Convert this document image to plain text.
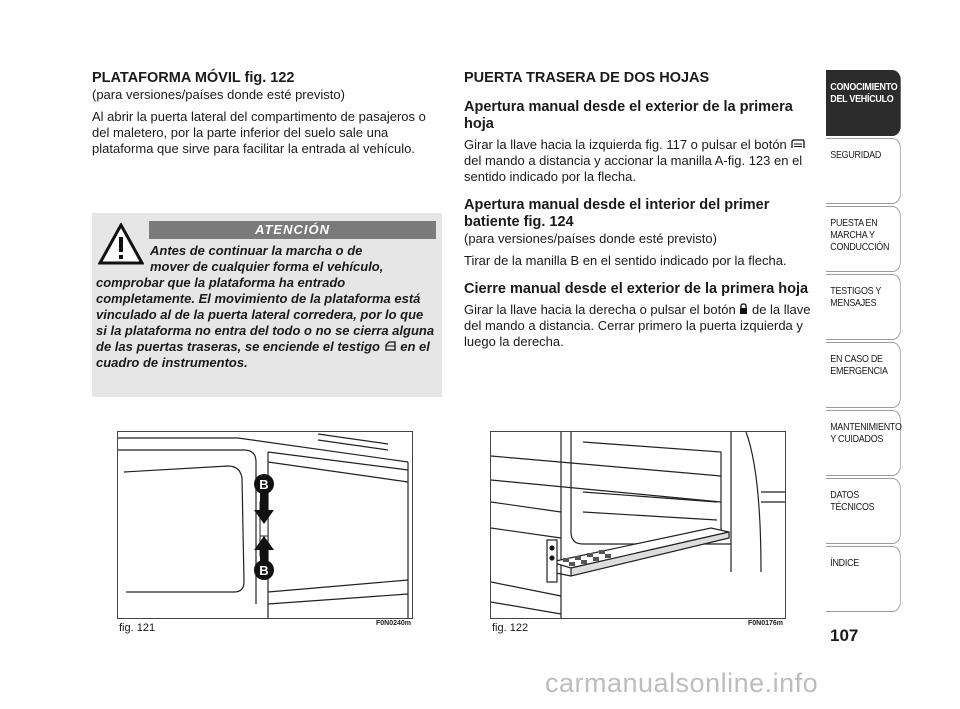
PLATAFORMA MÓVIL fig. 122
(para versiones/países donde esté previsto)

Al abrir la puerta lateral del compartimento de pasajeros o del maletero, por la parte inferior del suelo sale una plataforma que sirve para facilitar la entrada al vehículo.

ATENCIÓN
Antes de continuar la marcha o de
mover de cualquier forma el vehículo,
comprobar que la plataforma ha entrado completamente. El movimiento de la plataforma está vinculado al de la puerta lateral corredera, por lo que si la plataforma no entra del todo o no se cierra alguna de las puertas traseras, se enciende el testigo en el cuadro de instrumentos.
PUERTA TRASERA DE DOS HOJAS
Apertura manual desde el exterior de la primera hoja
Girar la llave hacia la izquierda fig. 117 o pulsar el botón  del mando a distancia y accionar la manilla A-fig. 123 en el sentido indicado por la flecha.
Apertura manual desde el interior del primer batiente fig. 124
(para versiones/países donde esté previsto)
Tirar de la manilla B en el sentido indicado por la flecha.
Cierre manual desde el exterior de la primera hoja
Girar la llave hacia la derecha o pulsar el botón de la llave del mando a distancia. Cerrar primero la puerta izquierda y luego la derecha.
B
B
fig. 121	F0N0240m	fig. 122	F0N0176m
CONOCIMIENTO DEL VEHÍCULO
SEGURIDAD
PUESTA EN MARCHA Y CONDUCCIÓN
TESTIGOS Y MENSAJES
EN CASO DE EMERGENCIA
MANTENIMIENTO Y CUIDADOS
DATOS TÉCNICOS
ÍNDICE
107
carmanualsonline.info
